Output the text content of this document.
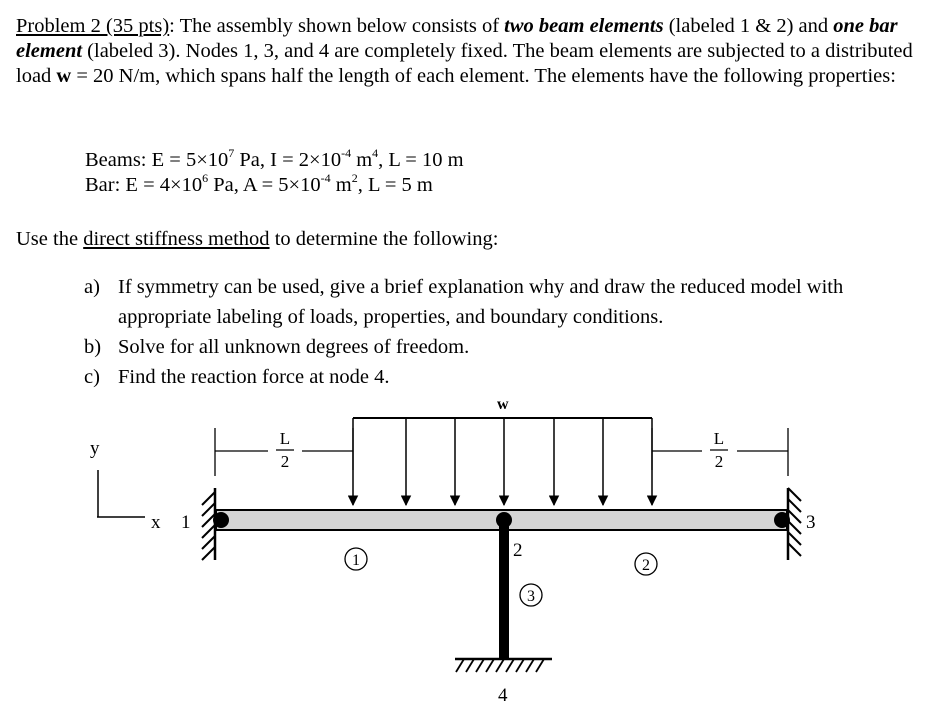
Problem 2 (35 pts): The assembly shown below consists of two beam elements (labeled 1 & 2) and one bar element (labeled 3). Nodes 1, 3, and 4 are completely fixed. The beam elements are subjected to a distributed load w = 20 N/m, which spans half the length of each element. The elements have the following properties:
Beams: $E = 5\times 10^7$ Pa, $I = 2\times 10^{-4}$ $m^4$, L = 10 m
Bar: $E = 4\times 10^6$ Pa, $A = 5\times 10^{-4}$ $m^2$, L = 5 m
Use the direct stiffness method to determine the following:
a) If symmetry can be used, give a brief explanation why and draw the reduced model with appropriate labeling of loads, properties, and boundary conditions.
b) Solve for all unknown degrees of freedom.
c) Find the reaction force at node 4.
y
x 1
2
3
4
1	2
3
w
L
2
L
2
